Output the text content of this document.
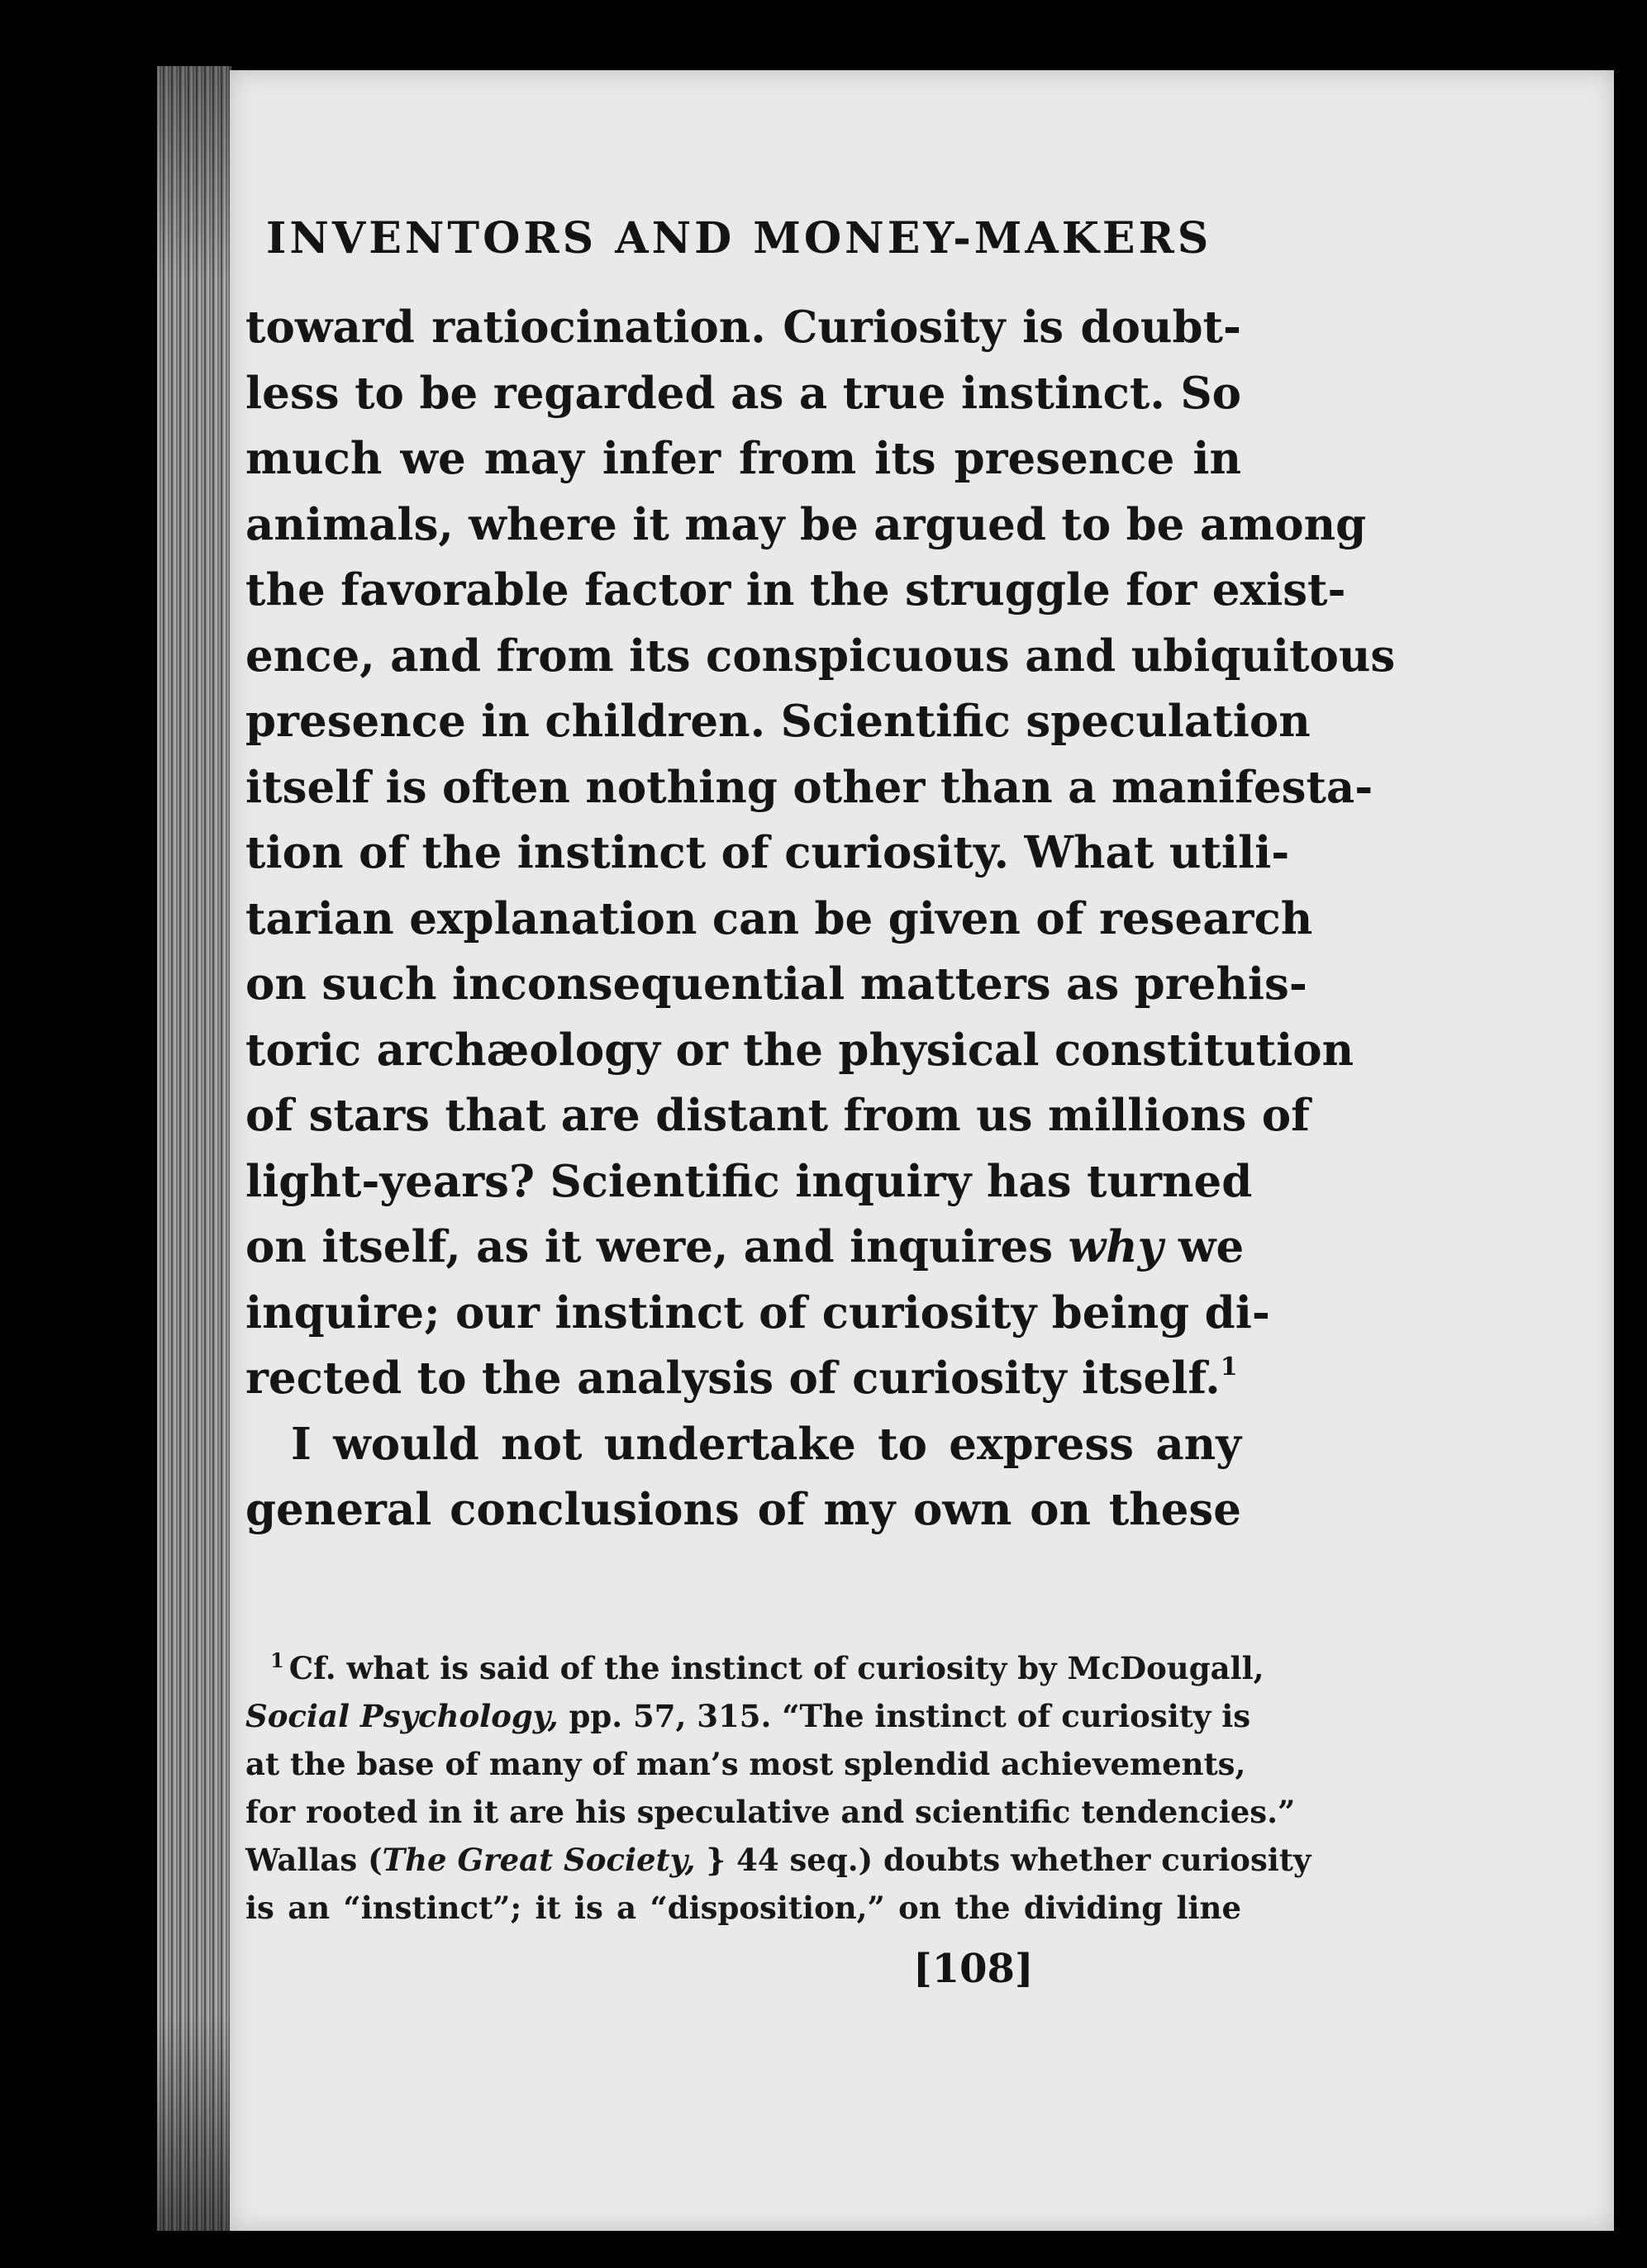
INVENTORS AND MONEY-MAKERS
toward ratiocination. Curiosity is doubt-
less to be regarded as a true instinct. So
much we may infer from its presence in
animals, where it may be argued to be among
the favorable factor in the struggle for exist-
ence, and from its conspicuous and ubiquitous
presence in children. Scientific speculation
itself is often nothing other than a manifesta-
tion of the instinct of curiosity. What utili-
tarian explanation can be given of research
on such inconsequential matters as prehis-
toric archæology or the physical constitution
of stars that are distant from us millions of
light-years? Scientific inquiry has turned
on itself, as it were, and inquires why we
inquire; our instinct of curiosity being di-
rected to the analysis of curiosity itself.$^1$
I would not undertake to express any
general conclusions of my own on these
$^1$ Cf. what is said of the instinct of curiosity by McDougall,
Social Psychology, pp. 57, 315. “The instinct of curiosity is
at the base of many of man’s most splendid achievements,
for rooted in it are his speculative and scientific tendencies.”
Wallas (The Great Society, } 44 seq.) doubts whether curiosity
is an “instinct”; it is a “disposition,” on the dividing line
[108]
